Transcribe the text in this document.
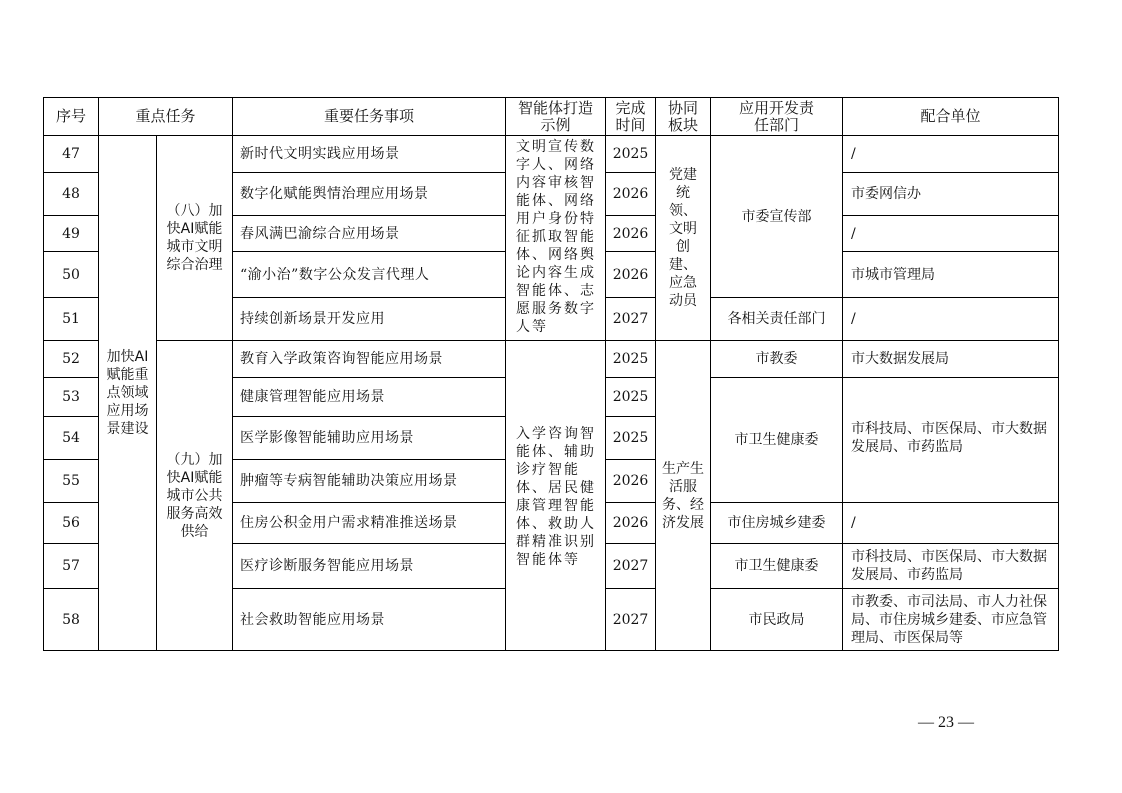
序号	重点任务		重要任务事项	智能体打造示例	完成时间	协同板块	应用开发责任部门	配合单位
47	加快AI赋能重点领域应用场景建设	（八）加快AI赋能城市文明综合治理	新时代文明实践应用场景	文明宣传数字人、网络内容审核智能体、网络用户身份特征抓取智能体、网络舆论内容生成智能体、志愿服务数字人等	2025	党建统领、文明创建、应急动员	市委宣传部	/
48			数字化赋能舆情治理应用场景		2026			市委网信办
49			春风满巴渝综合应用场景		2026			/
50			“渝小治”数字公众发言代理人		2026			市城市管理局
51			持续创新场景开发应用		2027		各相关责任部门	/
52		（九）加快AI赋能城市公共服务高效供给	教育入学政策咨询智能应用场景	入学咨询智能体、辅助诊疗智能体、居民健康管理智能体、救助人群精准识别智能体等	2025	生产生活服务、经济发展	市教委	市大数据发展局
53			健康管理智能应用场景		2025		市卫生健康委	市科技局、市医保局、市大数据发展局、市药监局
54			医学影像智能辅助应用场景		2025			
55			肿瘤等专病智能辅助决策应用场景		2026			
56			住房公积金用户需求精准推送场景		2026		市住房城乡建委	/
57			医疗诊断服务智能应用场景		2027		市卫生健康委	市科技局、市医保局、市大数据发展局、市药监局
58			社会救助智能应用场景		2027		市民政局	市教委、市司法局、市人力社保局、市住房城乡建委、市应急管理局、市医保局等
— 23 —
